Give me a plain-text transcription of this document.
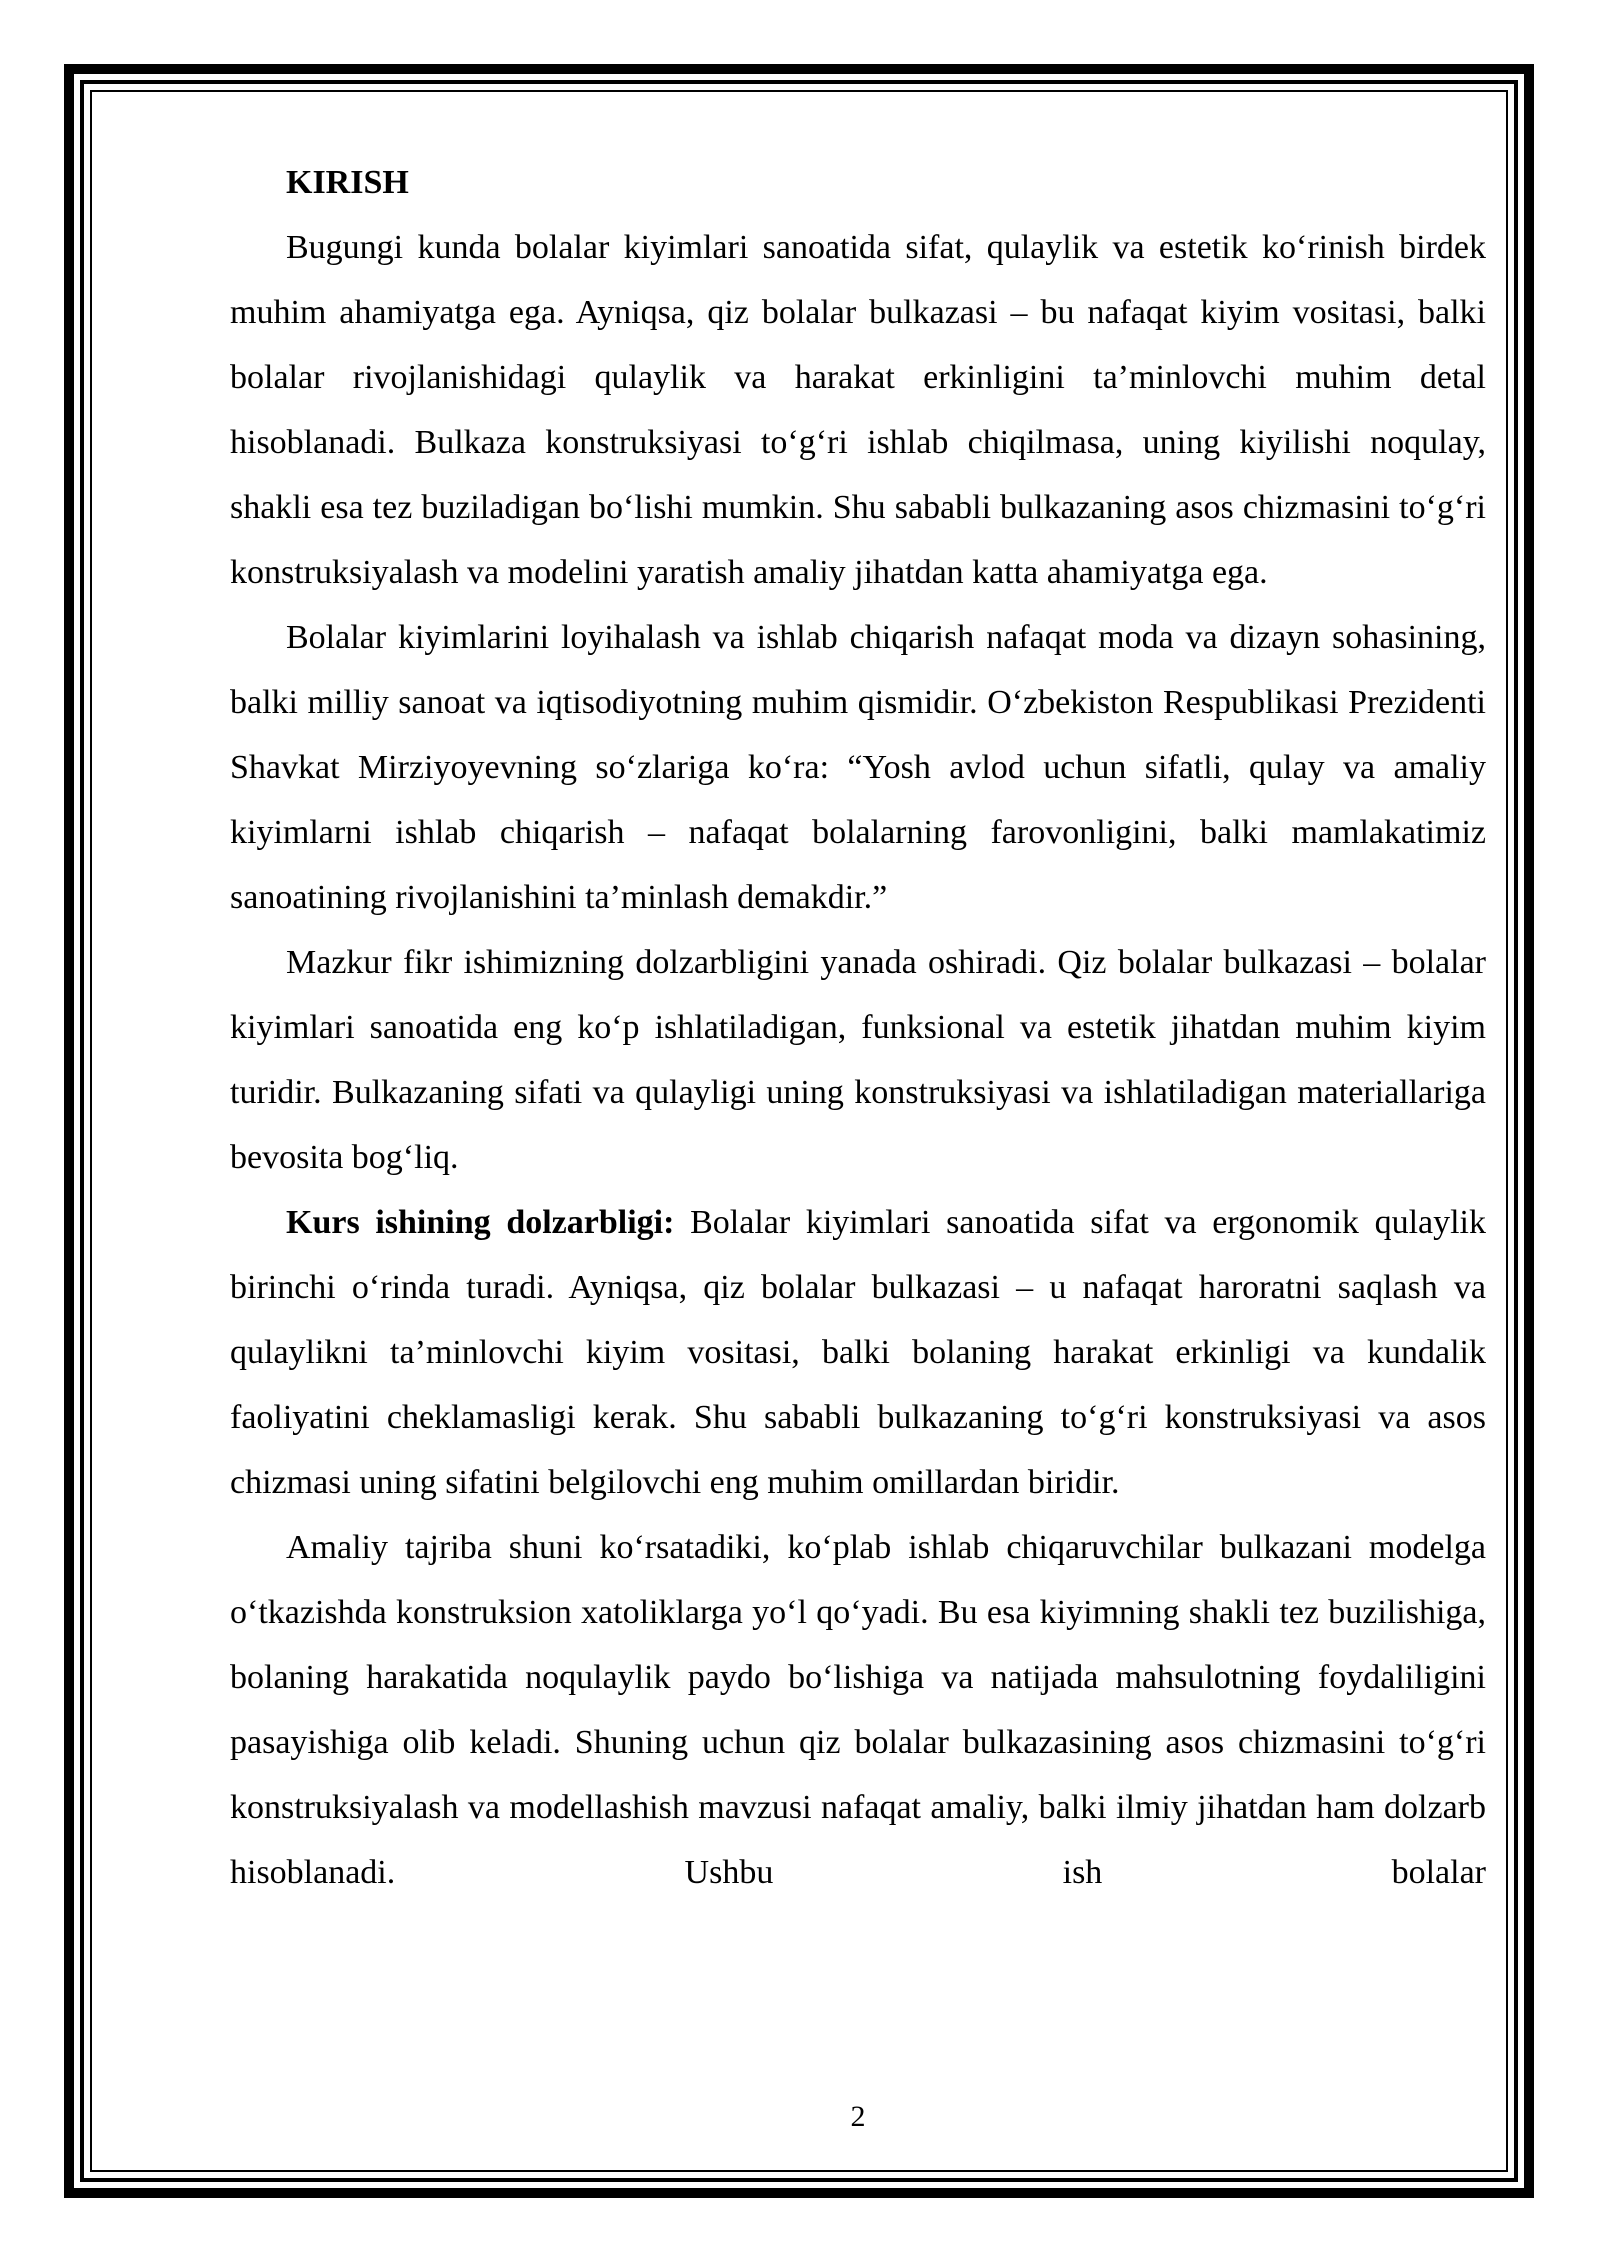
KIRISH

Bugungi kunda bolalar kiyimlari sanoatida sifat, qulaylik va estetik ko‘rinish birdek muhim ahamiyatga ega. Ayniqsa, qiz bolalar bulkazasi – bu nafaqat kiyim vositasi, balki bolalar rivojlanishidagi qulaylik va harakat erkinligini ta’minlovchi muhim detal hisoblanadi. Bulkaza konstruksiyasi to‘g‘ri ishlab chiqilmasa, uning kiyilishi noqulay, shakli esa tez buziladigan bo‘lishi mumkin. Shu sababli bulkazaning asos chizmasini to‘g‘ri konstruksiyalash va modelini yaratish amaliy jihatdan katta ahamiyatga ega.

Bolalar kiyimlarini loyihalash va ishlab chiqarish nafaqat moda va dizayn sohasining, balki milliy sanoat va iqtisodiyotning muhim qismidir. O‘zbekiston Respublikasi Prezidenti Shavkat Mirziyoyevning so‘zlariga ko‘ra: “Yosh avlod uchun sifatli, qulay va amaliy kiyimlarni ishlab chiqarish – nafaqat bolalarning farovonligini, balki mamlakatimiz sanoatining rivojlanishini ta’minlash demakdir.”

Mazkur fikr ishimizning dolzarbligini yanada oshiradi. Qiz bolalar bulkazasi – bolalar kiyimlari sanoatida eng ko‘p ishlatiladigan, funksional va estetik jihatdan muhim kiyim turidir. Bulkazaning sifati va qulayligi uning konstruksiyasi va ishlatiladigan materiallariga bevosita bog‘liq.

Kurs ishining dolzarbligi: Bolalar kiyimlari sanoatida sifat va ergonomik qulaylik birinchi o‘rinda turadi. Ayniqsa, qiz bolalar bulkazasi – u nafaqat haroratni saqlash va qulaylikni ta’minlovchi kiyim vositasi, balki bolaning harakat erkinligi va kundalik faoliyatini cheklamasligi kerak. Shu sababli bulkazaning to‘g‘ri konstruksiyasi va asos chizmasi uning sifatini belgilovchi eng muhim omillardan biridir.

Amaliy tajriba shuni ko‘rsatadiki, ko‘plab ishlab chiqaruvchilar bulkazani modelga o‘tkazishda konstruksion xatoliklarga yo‘l qo‘yadi. Bu esa kiyimning shakli tez buzilishiga, bolaning harakatida noqulaylik paydo bo‘lishiga va natijada mahsulotning foydaliligini pasayishiga olib keladi. Shuning uchun qiz bolalar bulkazasining asos chizmasini to‘g‘ri konstruksiyalash va modellashish mavzusi nafaqat amaliy, balki ilmiy jihatdan ham dolzarb hisoblanadi. Ushbu ish bolalar

2
